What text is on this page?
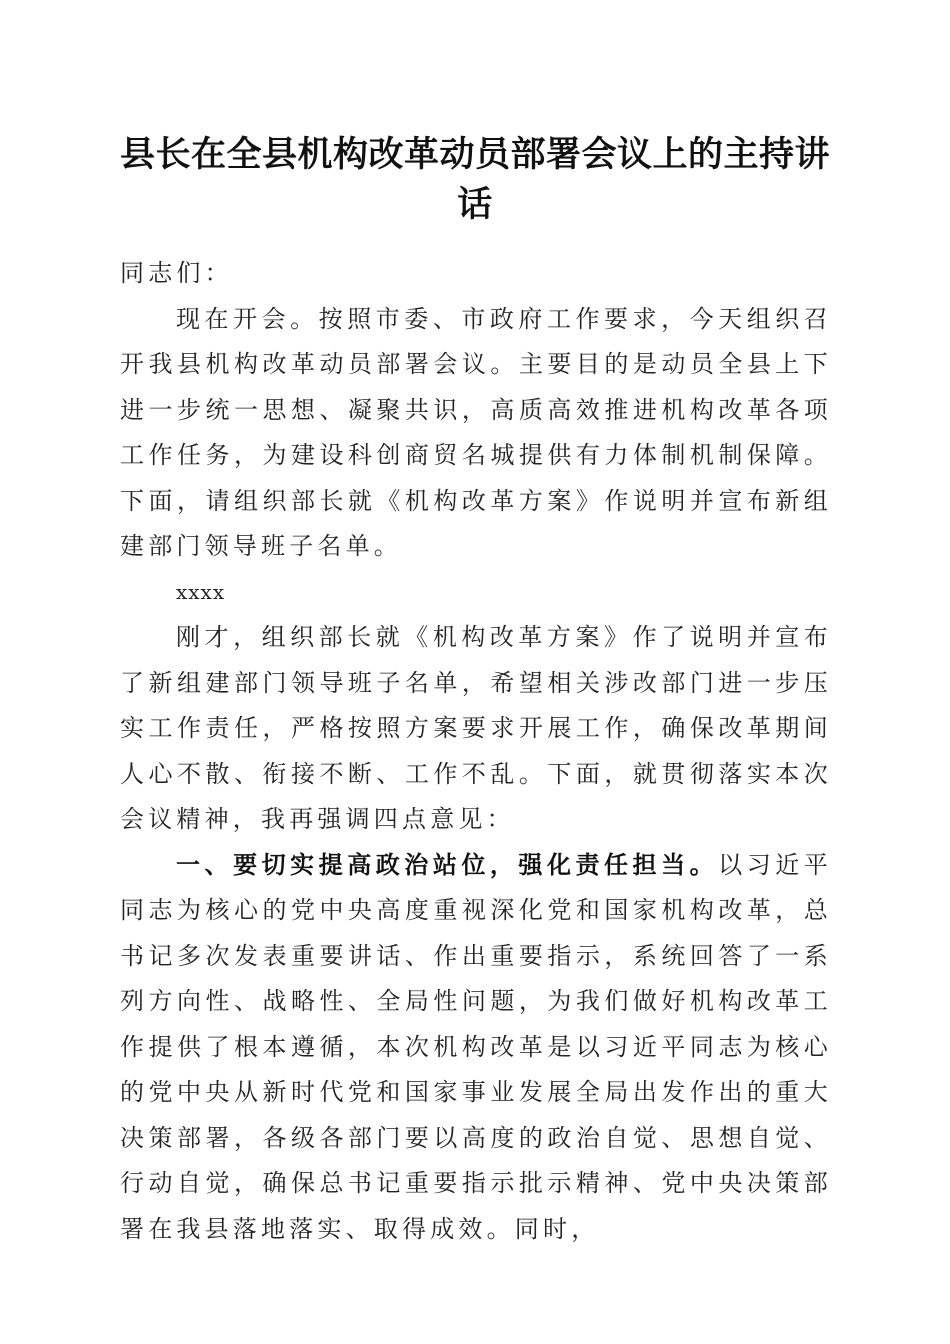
县长在全县机构改革动员部署会议上的主持讲话

同志们：

现在开会。按照市委、市政府工作要求，今天组织召开我县机构改革动员部署会议。主要目的是动员全县上下进一步统一思想、凝聚共识，高质高效推进机构改革各项工作任务，为建设科创商贸名城提供有力体制机制保障。下面，请组织部长就《机构改革方案》作说明并宣布新组建部门领导班子名单。

xxxx

刚才，组织部长就《机构改革方案》作了说明并宣布了新组建部门领导班子名单，希望相关涉改部门进一步压实工作责任，严格按照方案要求开展工作，确保改革期间人心不散、衔接不断、工作不乱。下面，就贯彻落实本次会议精神，我再强调四点意见：

一、要切实提高政治站位，强化责任担当。以习近平同志为核心的党中央高度重视深化党和国家机构改革，总书记多次发表重要讲话、作出重要指示，系统回答了一系列方向性、战略性、全局性问题，为我们做好机构改革工作提供了根本遵循，本次机构改革是以习近平同志为核心的党中央从新时代党和国家事业发展全局出发作出的重大决策部署，各级各部门要以高度的政治自觉、思想自觉、行动自觉，确保总书记重要指示批示精神、党中央决策部署在我县落地落实、取得成效。同时，
